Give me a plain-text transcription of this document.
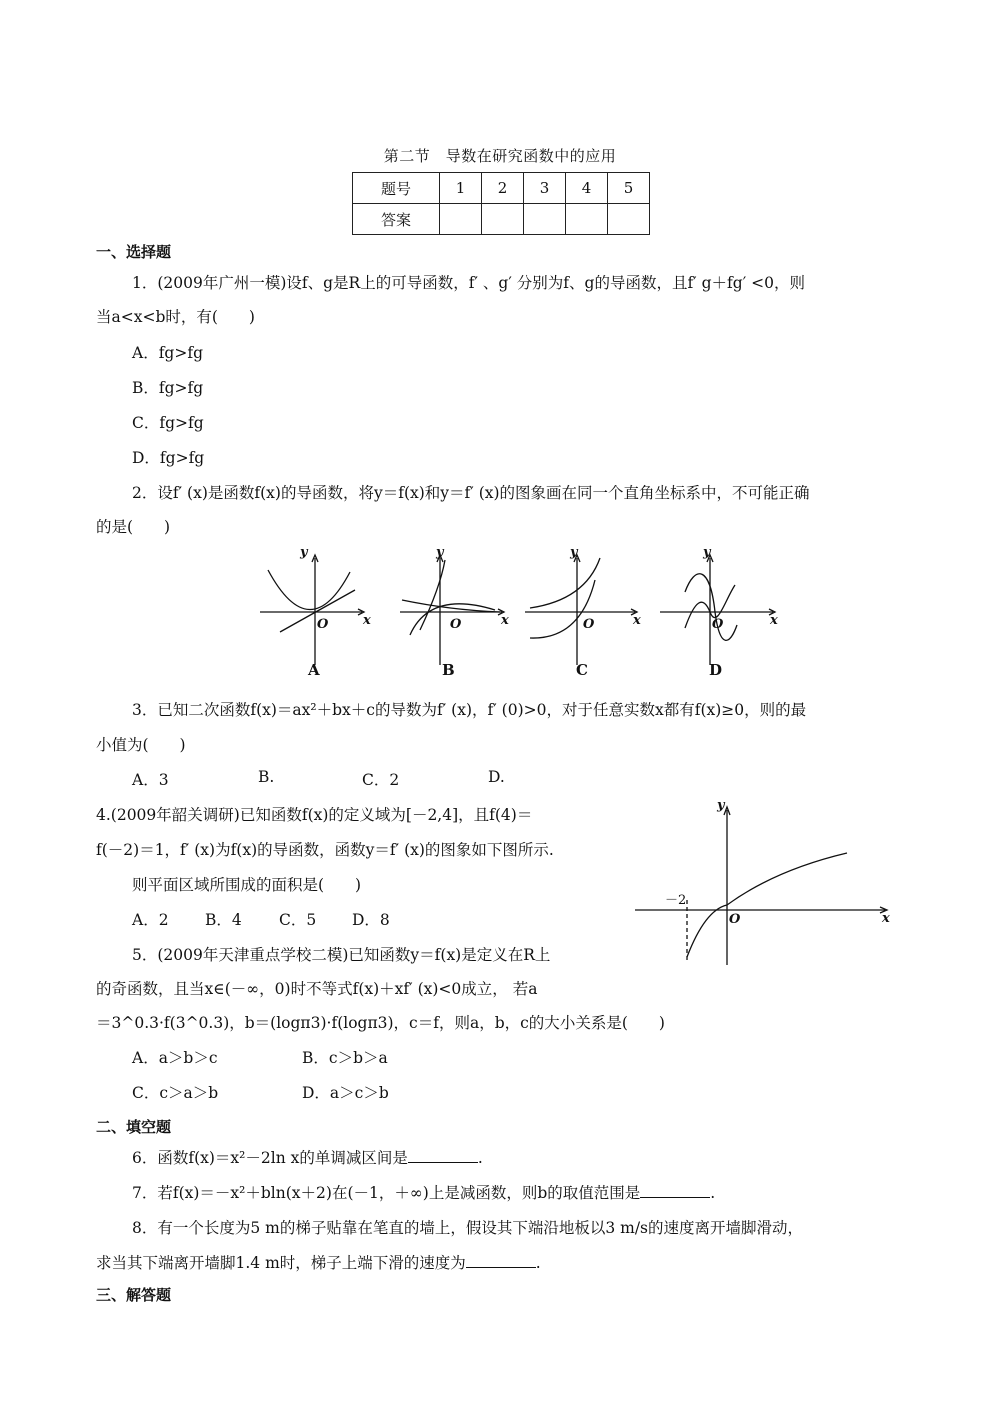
第二节　导数在研究函数中的应用
题号	1	2	3	4	5
答案					
一、选择题
1．(2009年广州一模)设f、g是R上的可导函数，f′ 、g′ 分别为f、g的导函数，且f′ g＋fg′ <0，则
当a<x<b时，有(　　)
A．fg>fg
B．fg>fg
C．fg>fg
D．fg>fg
2．设f′ (x)是函数f(x)的导函数，将y＝f(x)和y＝f′ (x)的图象画在同一个直角坐标系中，不可能正确
的是(　　)
y
x
O
y
x
O
y
x
O
y
x
O
A	B	C	D
3．已知二次函数f(x)＝ax²＋bx＋c的导数为f′ (x)，f′ (0)>0，对于任意实数x都有f(x)≥0，则的最
小值为(　　)
A．3	B.	C．2	D.
4.(2009年韶关调研)已知函数f(x)的定义域为[－2,4]，且f(4)＝
f(－2)＝1，f′ (x)为f(x)的导函数，函数y＝f′ (x)的图象如下图所示.
则平面区域所围成的面积是(　　)
A．2 B．4 C．5 D．8
y
x
O
－2
5．(2009年天津重点学校二模)已知函数y＝f(x)是定义在R上
的奇函数，且当x∈(－∞，0)时不等式f(x)＋xf′ (x)<0成立， 若a
＝3^0.3·f(3^0.3)，b＝(logπ3)·f(logπ3)，c＝f，则a，b，c的大小关系是(　　)
A．a＞b＞c	B．c＞b＞a
C．c＞a＞b	D．a＞c＞b
二、填空题
6．函数f(x)＝x²－2ln x的单调减区间是	.
7．若f(x)＝－x²＋bln(x＋2)在(－1，＋∞)上是减函数，则b的取值范围是	.
8．有一个长度为5 m的梯子贴靠在笔直的墙上，假设其下端沿地板以3 m/s的速度离开墙脚滑动，
求当其下端离开墙脚1.4 m时，梯子上端下滑的速度为	.
三、解答题
